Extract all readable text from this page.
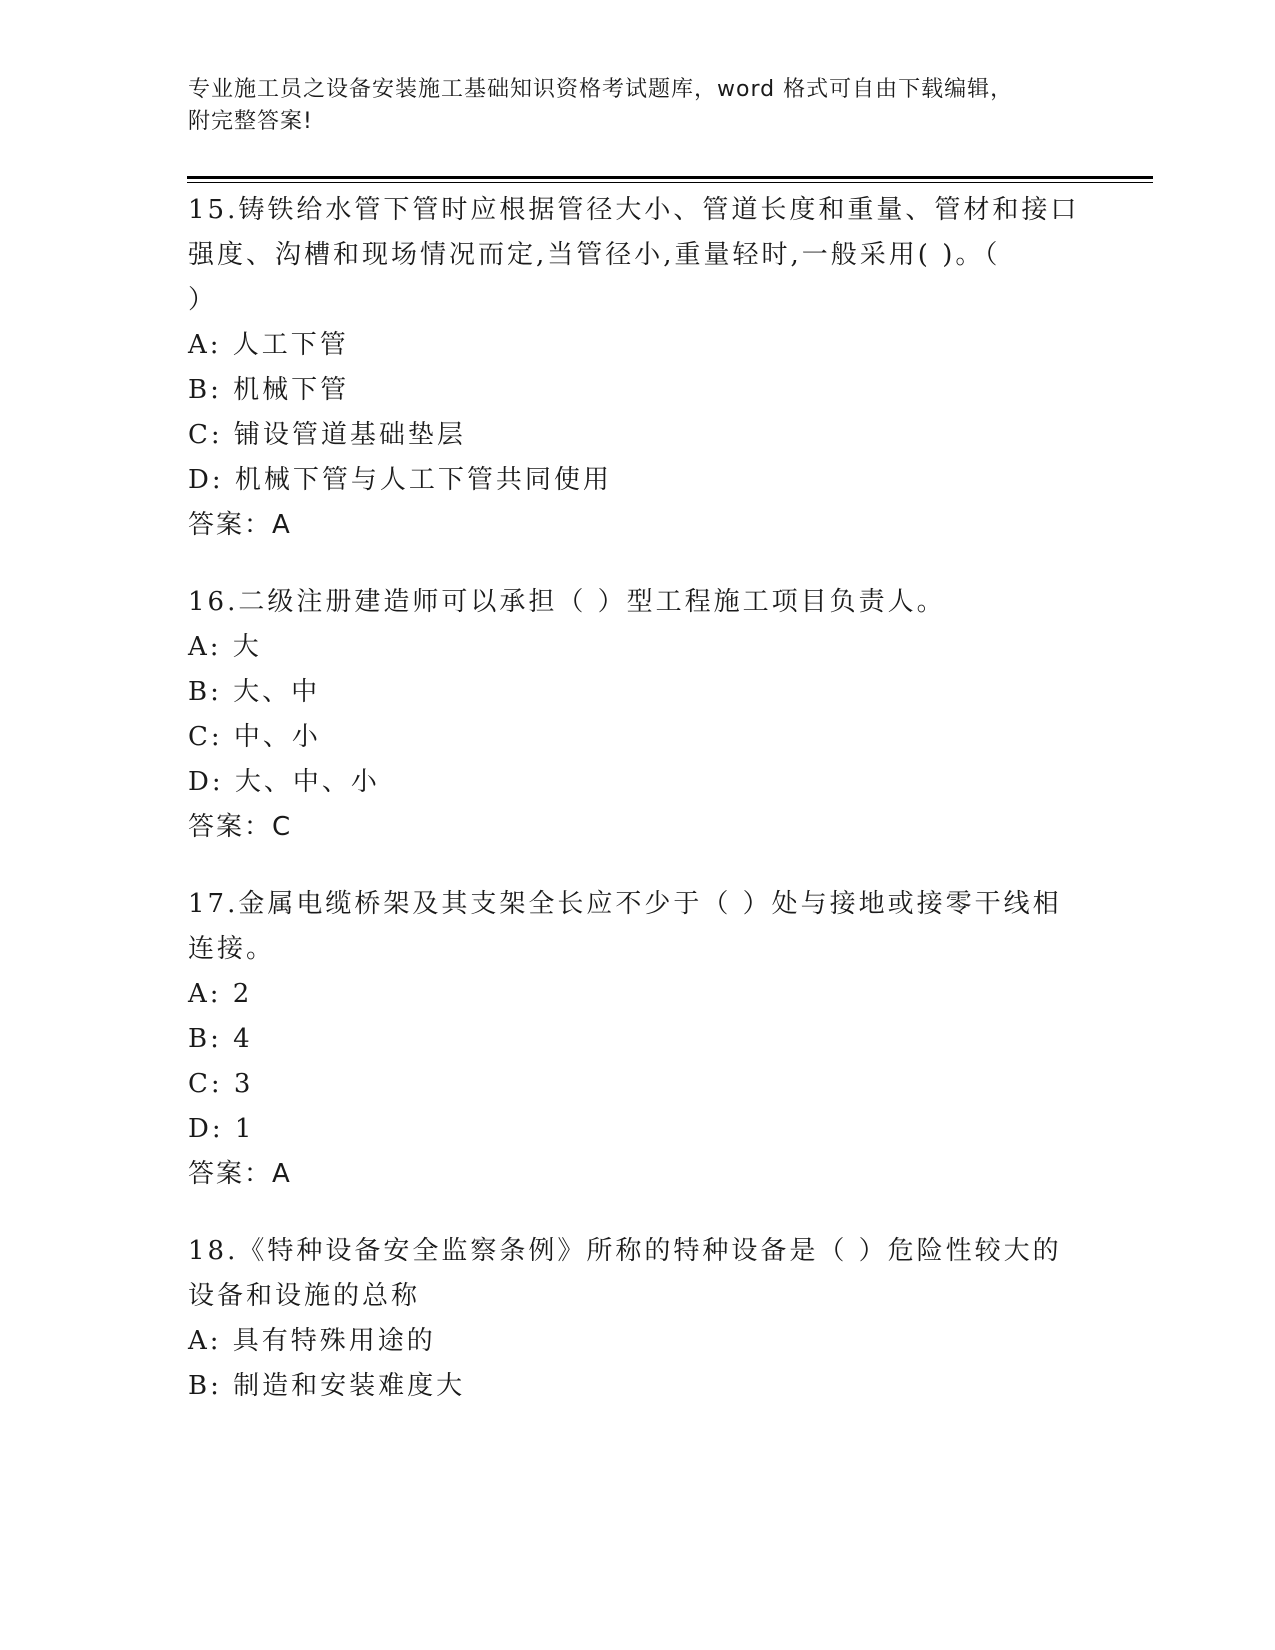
专业施工员之设备安装施工基础知识资格考试题库，word 格式可自由下载编辑，
附完整答案!
15.铸铁给水管下管时应根据管径大小、管道长度和重量、管材和接口
强度、沟槽和现场情况而定,当管径小,重量轻时,一般采用( )。（
）
A: 人工下管
B: 机械下管
C: 铺设管道基础垫层
D: 机械下管与人工下管共同使用
答案：A
16.二级注册建造师可以承担（ ）型工程施工项目负责人。
A: 大
B: 大、中
C: 中、小
D: 大、中、小
答案：C
17.金属电缆桥架及其支架全长应不少于（ ）处与接地或接零干线相
连接。
A: 2
B: 4
C: 3
D: 1
答案：A
18.《特种设备安全监察条例》所称的特种设备是（ ）危险性较大的
设备和设施的总称
A: 具有特殊用途的
B: 制造和安装难度大
